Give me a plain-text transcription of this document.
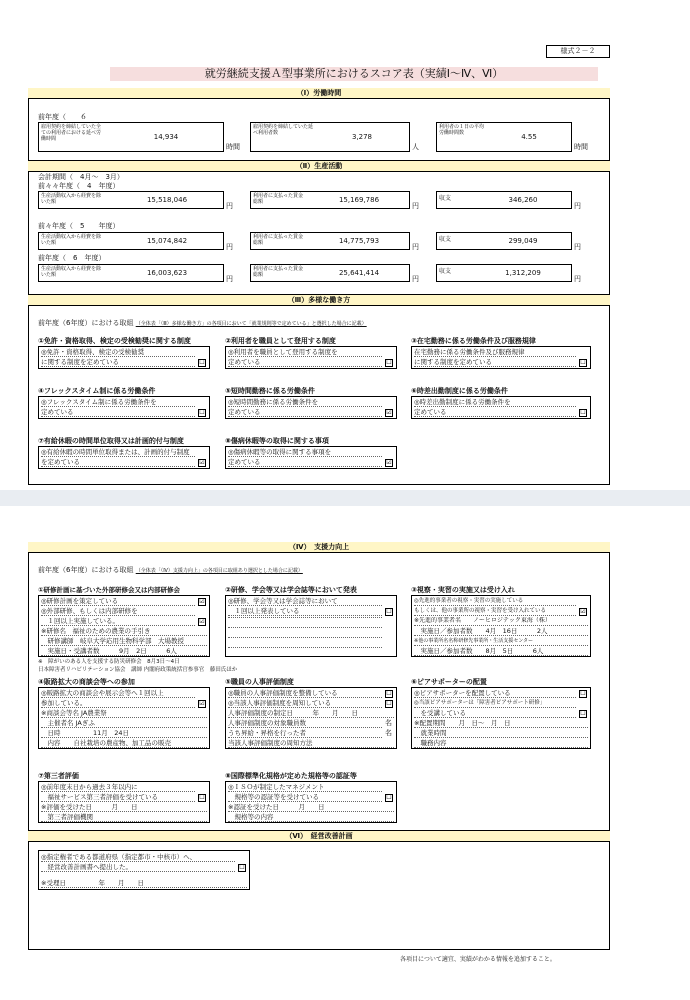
様式２－２
就労継続支援Ａ型事業所におけるスコア表（実績Ⅰ～Ⅳ、Ⅵ）
（Ⅰ）労働時間
前年度（　　６
雇用契約を締結していた全ての利用者における延べ労働時間	14,934
時間
雇用契約を締結していた延べ利用者数	3,278
人
利用者の１日の平均労働時間数	4.55
時間
（Ⅱ）生産活動
会計期間（　4月～　3月）
前々々年度（　4　年度）
生産活動収入から経費を除いた額	15,518,046
円
利用者に支払った賃金総額	15,169,786
円
収支	346,260
円
前々年度（　5　　年度）
生産活動収入から経費を除いた額	15,074,842
円
利用者に支払った賃金総額	14,775,793
円
収支	299,049
円
前年度（　6　年度）
生産活動収入から経費を除いた額	16,003,623
円
利用者に支払った賃金総額	25,641,414
円
収支	1,312,209
円
（Ⅲ）多様な働き方
前年度（6年度）における取組 （全体表「（Ⅲ）多様な働き方」の各項目において「就業規則等で定めている」と選択した場合に記載）
①免許・資格取得、検定の受検勧奨に関する制度
◎免許・資格取得、検定の受検勧奨
に関する制度を定めている	☐
②利用者を職員として登用する制度
◎利用者を職員として登用する制度を
定めている	☐
③在宅勤務に係る労働条件及び服務規律
在宅勤務に係る労働条件及び服務規律
に関する制度を定めている	☐
④フレックスタイム制に係る労働条件
◎フレックスタイム制に係る労働条件を
定めている	☐
⑤短時間勤務に係る労働条件
◎短時間勤務に係る労働条件を
定めている	☑
⑥時差出勤制度に係る労働条件
◎時差出勤制度に係る労働条件を
定めている	☐
⑦有給休暇の時間単位取得又は計画的付与制度
◎有給休暇の時間単位取得または、計画的付与制度
を定めている	☑
⑧傷病休暇等の取得に関する事項
◎傷病休暇等の取得に関する事項を
定めている	☑
（Ⅳ）　支援力向上
前年度（6年度）における取組 （全体表「（Ⅳ）支援力向上」の各項目に取組あり選択とした場合に記載）
①研修計画に基づいた外部研修会又は内部研修会
◎研修計画を策定している
◎外部研修、もしくは内部研修を
　１回以上実施している。
※研修名　福祉のための農業の手引き
　研修講師　岐阜大学応用生物科学部　大場教授
　実施日・受講者数　　　9月　2日　　　6人
☑
☑
※　障がいのある人を支援する防災研修会　8月3日～4日
日本障害者リハビリテーション協会　講師 内閣府政策統括官参事官　藤田氏ほか
②研修、学会等又は学会誌等において発表
◎研修、学会等又は学会誌等において
　１回以上発表している	☐
③視察・実習の実施又は受け入れ
◎先進的事業者の視察・実習の実施している
もしくは、他の事業所の視察・実習を受け入れている
※先進的事業者名　　ノーヒロジテック東海（株）
　実施日／参加者数　　4月　16日　　　2人
※他の事業所名名称研修先事業所・生活支援センター
　実施日／参加者数　　8月　5日　　　6人
☑
④販路拡大の商談会等への参加
◎販路拡大の商談会や展示会等へ１回以上
参加している。
※商談会等名 JA農業祭
　主催者名 JAぎふ
　日時　　　　　11月　24日
　内容　　自社栽培の農産物、加工品の販売
☑
⑤職員の人事評価制度
◎職員の人事評価制度を整備している
◎当該人事評価制度を周知している
人事評価制度の制定日　　　年　　月　　日
人事評価制度の対象職員数
うち昇給・昇格を行った者
当該人事評価制度の周知方法
☐
☐
名
名
⑥ピアサポーターの配置
◎ピアサポーターを配置している
◎当該ピアサポーターは「障害者ピアサポート研修」
　を受講している
※配置期間　　月　日～　月　日
　就業時間
　職務内容
☐
☐
⑦第三者評価
◎前年度末日から過去３年以内に
　福祉サービス第三者評価を受けている
※評価を受けた日　　　月　　日
　第三者評価機関
☐
⑧国際標準化規格が定めた規格等の認証等
◎ＩＳＯが制定したマネジメント
　規格等の認証等を受けている
※認証を受けた日　　　月　　日
　規格等の内容
☐
（Ⅵ）　経営改善計画
◎指定権者である都道府県（指定都市・中核市）へ、
　経営改善計画書へ提出した。
※受理日　　　　　年　　月　　日
☐
各項目について適宜、実績がわかる情報を追加すること。
